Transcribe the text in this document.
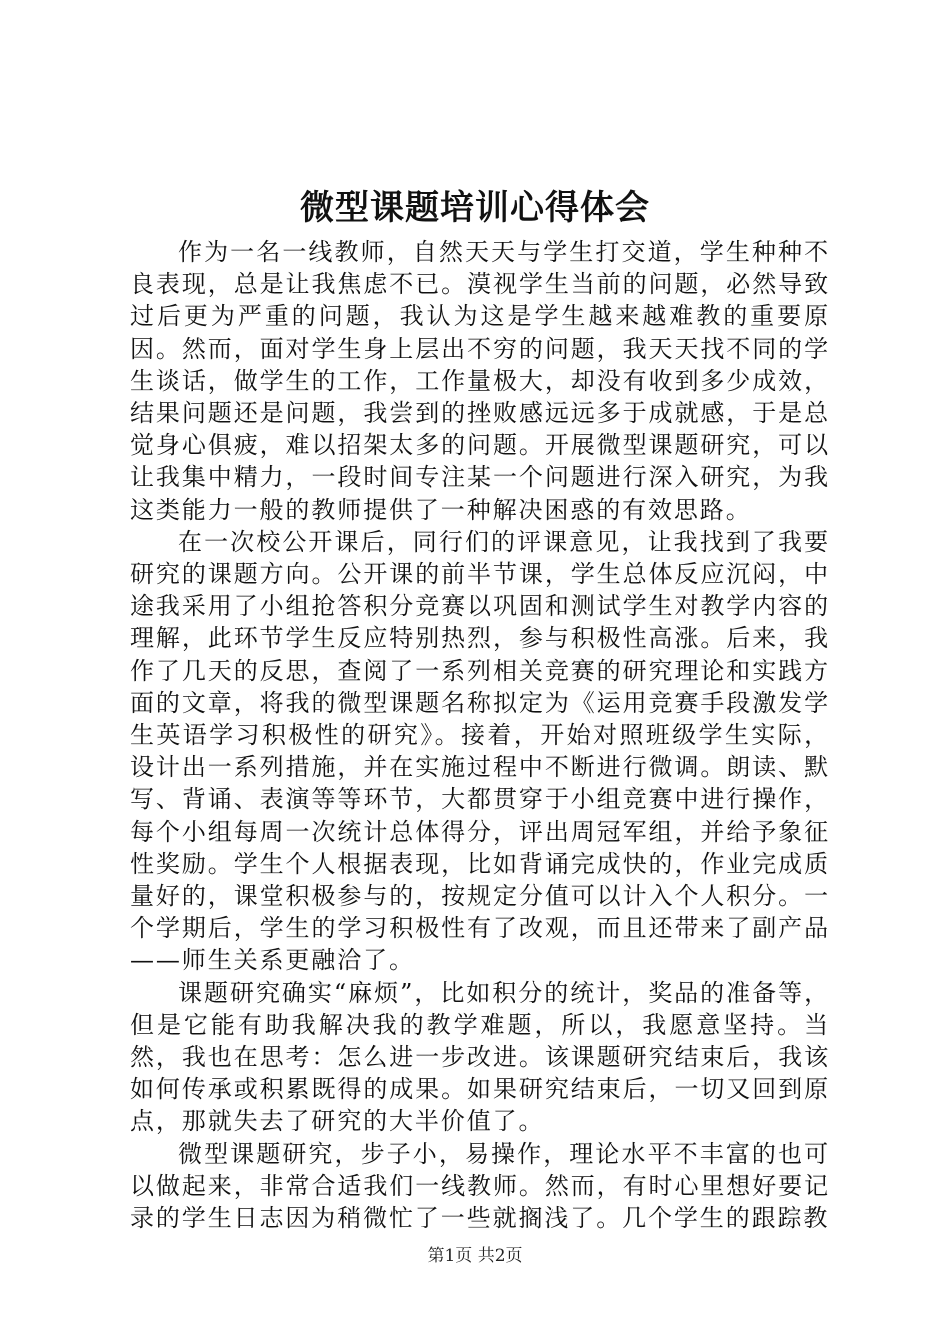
微型课题培训心得体会

作为一名一线教师，自然天天与学生打交道，学生种种不良表现，总是让我焦虑不已。漠视学生当前的问题，必然导致过后更为严重的问题，我认为这是学生越来越难教的重要原因。然而，面对学生身上层出不穷的问题，我天天找不同的学生谈话，做学生的工作，工作量极大，却没有收到多少成效，结果问题还是问题，我尝到的挫败感远远多于成就感，于是总觉身心俱疲，难以招架太多的问题。开展微型课题研究，可以让我集中精力，一段时间专注某一个问题进行深入研究，为我这类能力一般的教师提供了一种解决困惑的有效思路。

在一次校公开课后，同行们的评课意见，让我找到了我要研究的课题方向。公开课的前半节课，学生总体反应沉闷，中途我采用了小组抢答积分竞赛以巩固和测试学生对教学内容的理解，此环节学生反应特别热烈，参与积极性高涨。后来，我作了几天的反思，查阅了一系列相关竞赛的研究理论和实践方面的文章，将我的微型课题名称拟定为《运用竞赛手段激发学生英语学习积极性的研究》。接着，开始对照班级学生实际，设计出一系列措施，并在实施过程中不断进行微调。朗读、默写、背诵、表演等等环节，大都贯穿于小组竞赛中进行操作，每个小组每周一次统计总体得分，评出周冠军组，并给予象征性奖励。学生个人根据表现，比如背诵完成快的，作业完成质量好的，课堂积极参与的，按规定分值可以计入个人积分。一个学期后，学生的学习积极性有了改观，而且还带来了副产品——师生关系更融洽了。

课题研究确实“麻烦”，比如积分的统计，奖品的准备等，但是它能有助我解决我的教学难题，所以，我愿意坚持。当然，我也在思考：怎么进一步改进。该课题研究结束后，我该如何传承或积累既得的成果。如果研究结束后，一切又回到原点，那就失去了研究的大半价值了。

微型课题研究，步子小，易操作，理论水平不丰富的也可以做起来，非常合适我们一线教师。然而，有时心里想好要记录的学生日志因为稍微忙了一些就搁浅了。几个学生的跟踪教

第1页 共2页
